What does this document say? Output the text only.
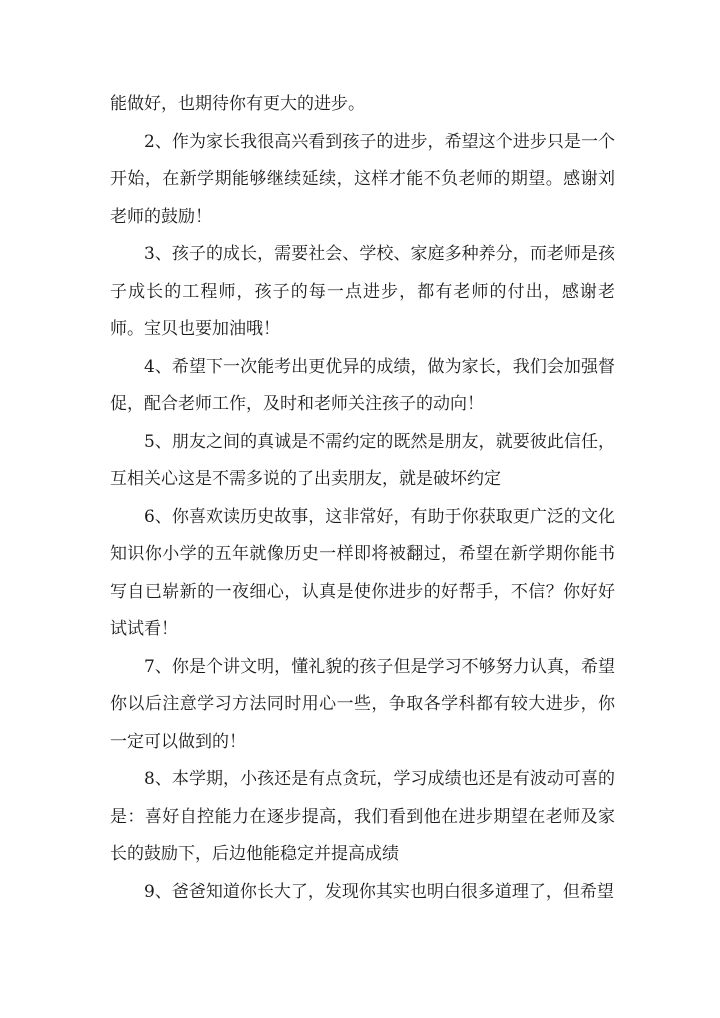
能做好，也期待你有更大的进步。

2、作为家长我很高兴看到孩子的进步，希望这个进步只是一个开始，在新学期能够继续延续，这样才能不负老师的期望。感谢刘老师的鼓励！

3、孩子的成长，需要社会、学校、家庭多种养分，而老师是孩子成长的工程师，孩子的每一点进步，都有老师的付出，感谢老师。宝贝也要加油哦！

4、希望下一次能考出更优异的成绩，做为家长，我们会加强督促，配合老师工作，及时和老师关注孩子的动向！

5、朋友之间的真诚是不需约定的既然是朋友，就要彼此信任，互相关心这是不需多说的了出卖朋友，就是破坏约定

6、你喜欢读历史故事，这非常好，有助于你获取更广泛的文化知识你小学的五年就像历史一样即将被翻过，希望在新学期你能书写自已崭新的一夜细心，认真是使你进步的好帮手，不信？你好好试试看！

7、你是个讲文明，懂礼貌的孩子但是学习不够努力认真，希望你以后注意学习方法同时用心一些，争取各学科都有较大进步，你一定可以做到的！

8、本学期，小孩还是有点贪玩，学习成绩也还是有波动可喜的是：喜好自控能力在逐步提高，我们看到他在进步期望在老师及家长的鼓励下，后边他能稳定并提高成绩

9、爸爸知道你长大了，发现你其实也明白很多道理了，但希望
